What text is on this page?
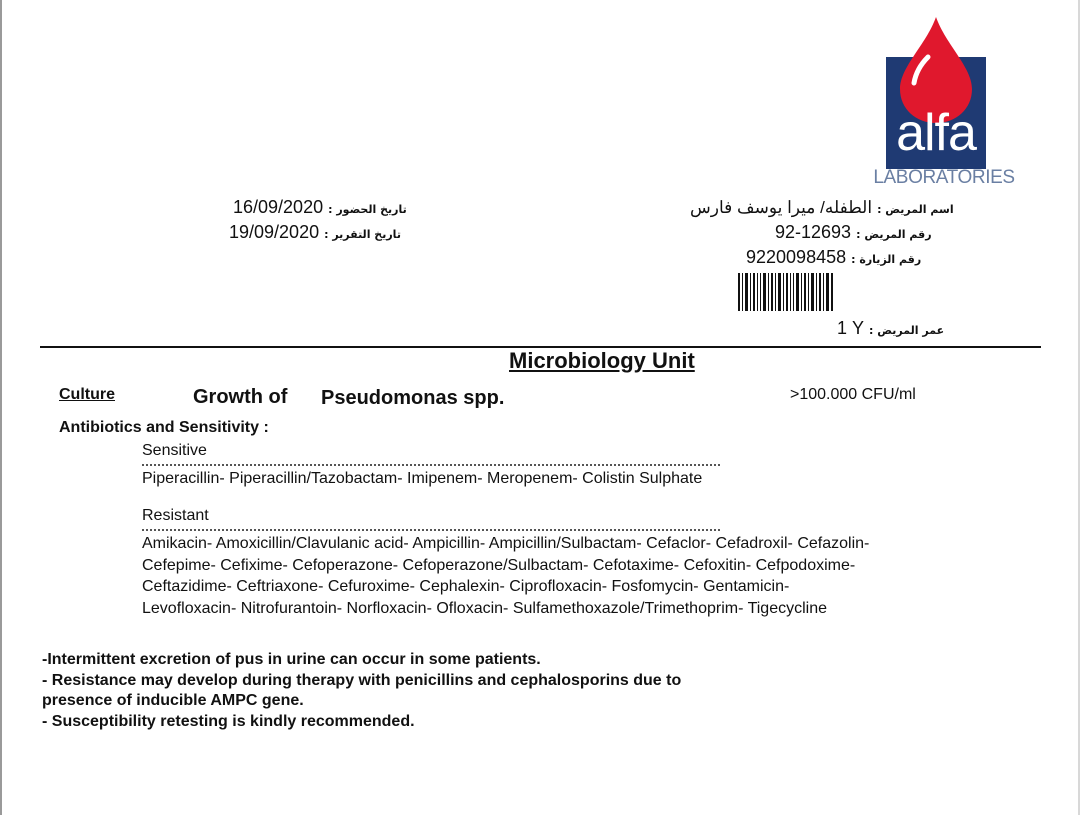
alfa
LABORATORIES
اسم المريض : الطفله/ ميرا يوسف فارس
رقم المريض : 92-12693
رقم الزيارة : 9220098458
عمر المريض : 1 Y
تاريخ الحضور : 16/09/2020
تاريخ التقرير : 19/09/2020
Microbiology Unit
Culture	Growth of Pseudomonas spp.	>100.000 CFU/ml
Antibiotics and Sensitivity :
Sensitive
Piperacillin- Piperacillin/Tazobactam- Imipenem- Meropenem- Colistin Sulphate
Resistant
Amikacin- Amoxicillin/Clavulanic acid- Ampicillin- Ampicillin/Sulbactam- Cefaclor- Cefadroxil- Cefazolin-
Cefepime- Cefixime- Cefoperazone- Cefoperazone/Sulbactam- Cefotaxime- Cefoxitin- Cefpodoxime-
Ceftazidime- Ceftriaxone- Cefuroxime- Cephalexin- Ciprofloxacin- Fosfomycin- Gentamicin-
Levofloxacin- Nitrofurantoin- Norfloxacin- Ofloxacin- Sulfamethoxazole/Trimethoprim- Tigecycline
-Intermittent excretion of pus in urine can occur in some patients.
- Resistance may develop during therapy with penicillins and cephalosporins due to
presence of inducible AMPC gene.
- Susceptibility retesting is kindly recommended.
